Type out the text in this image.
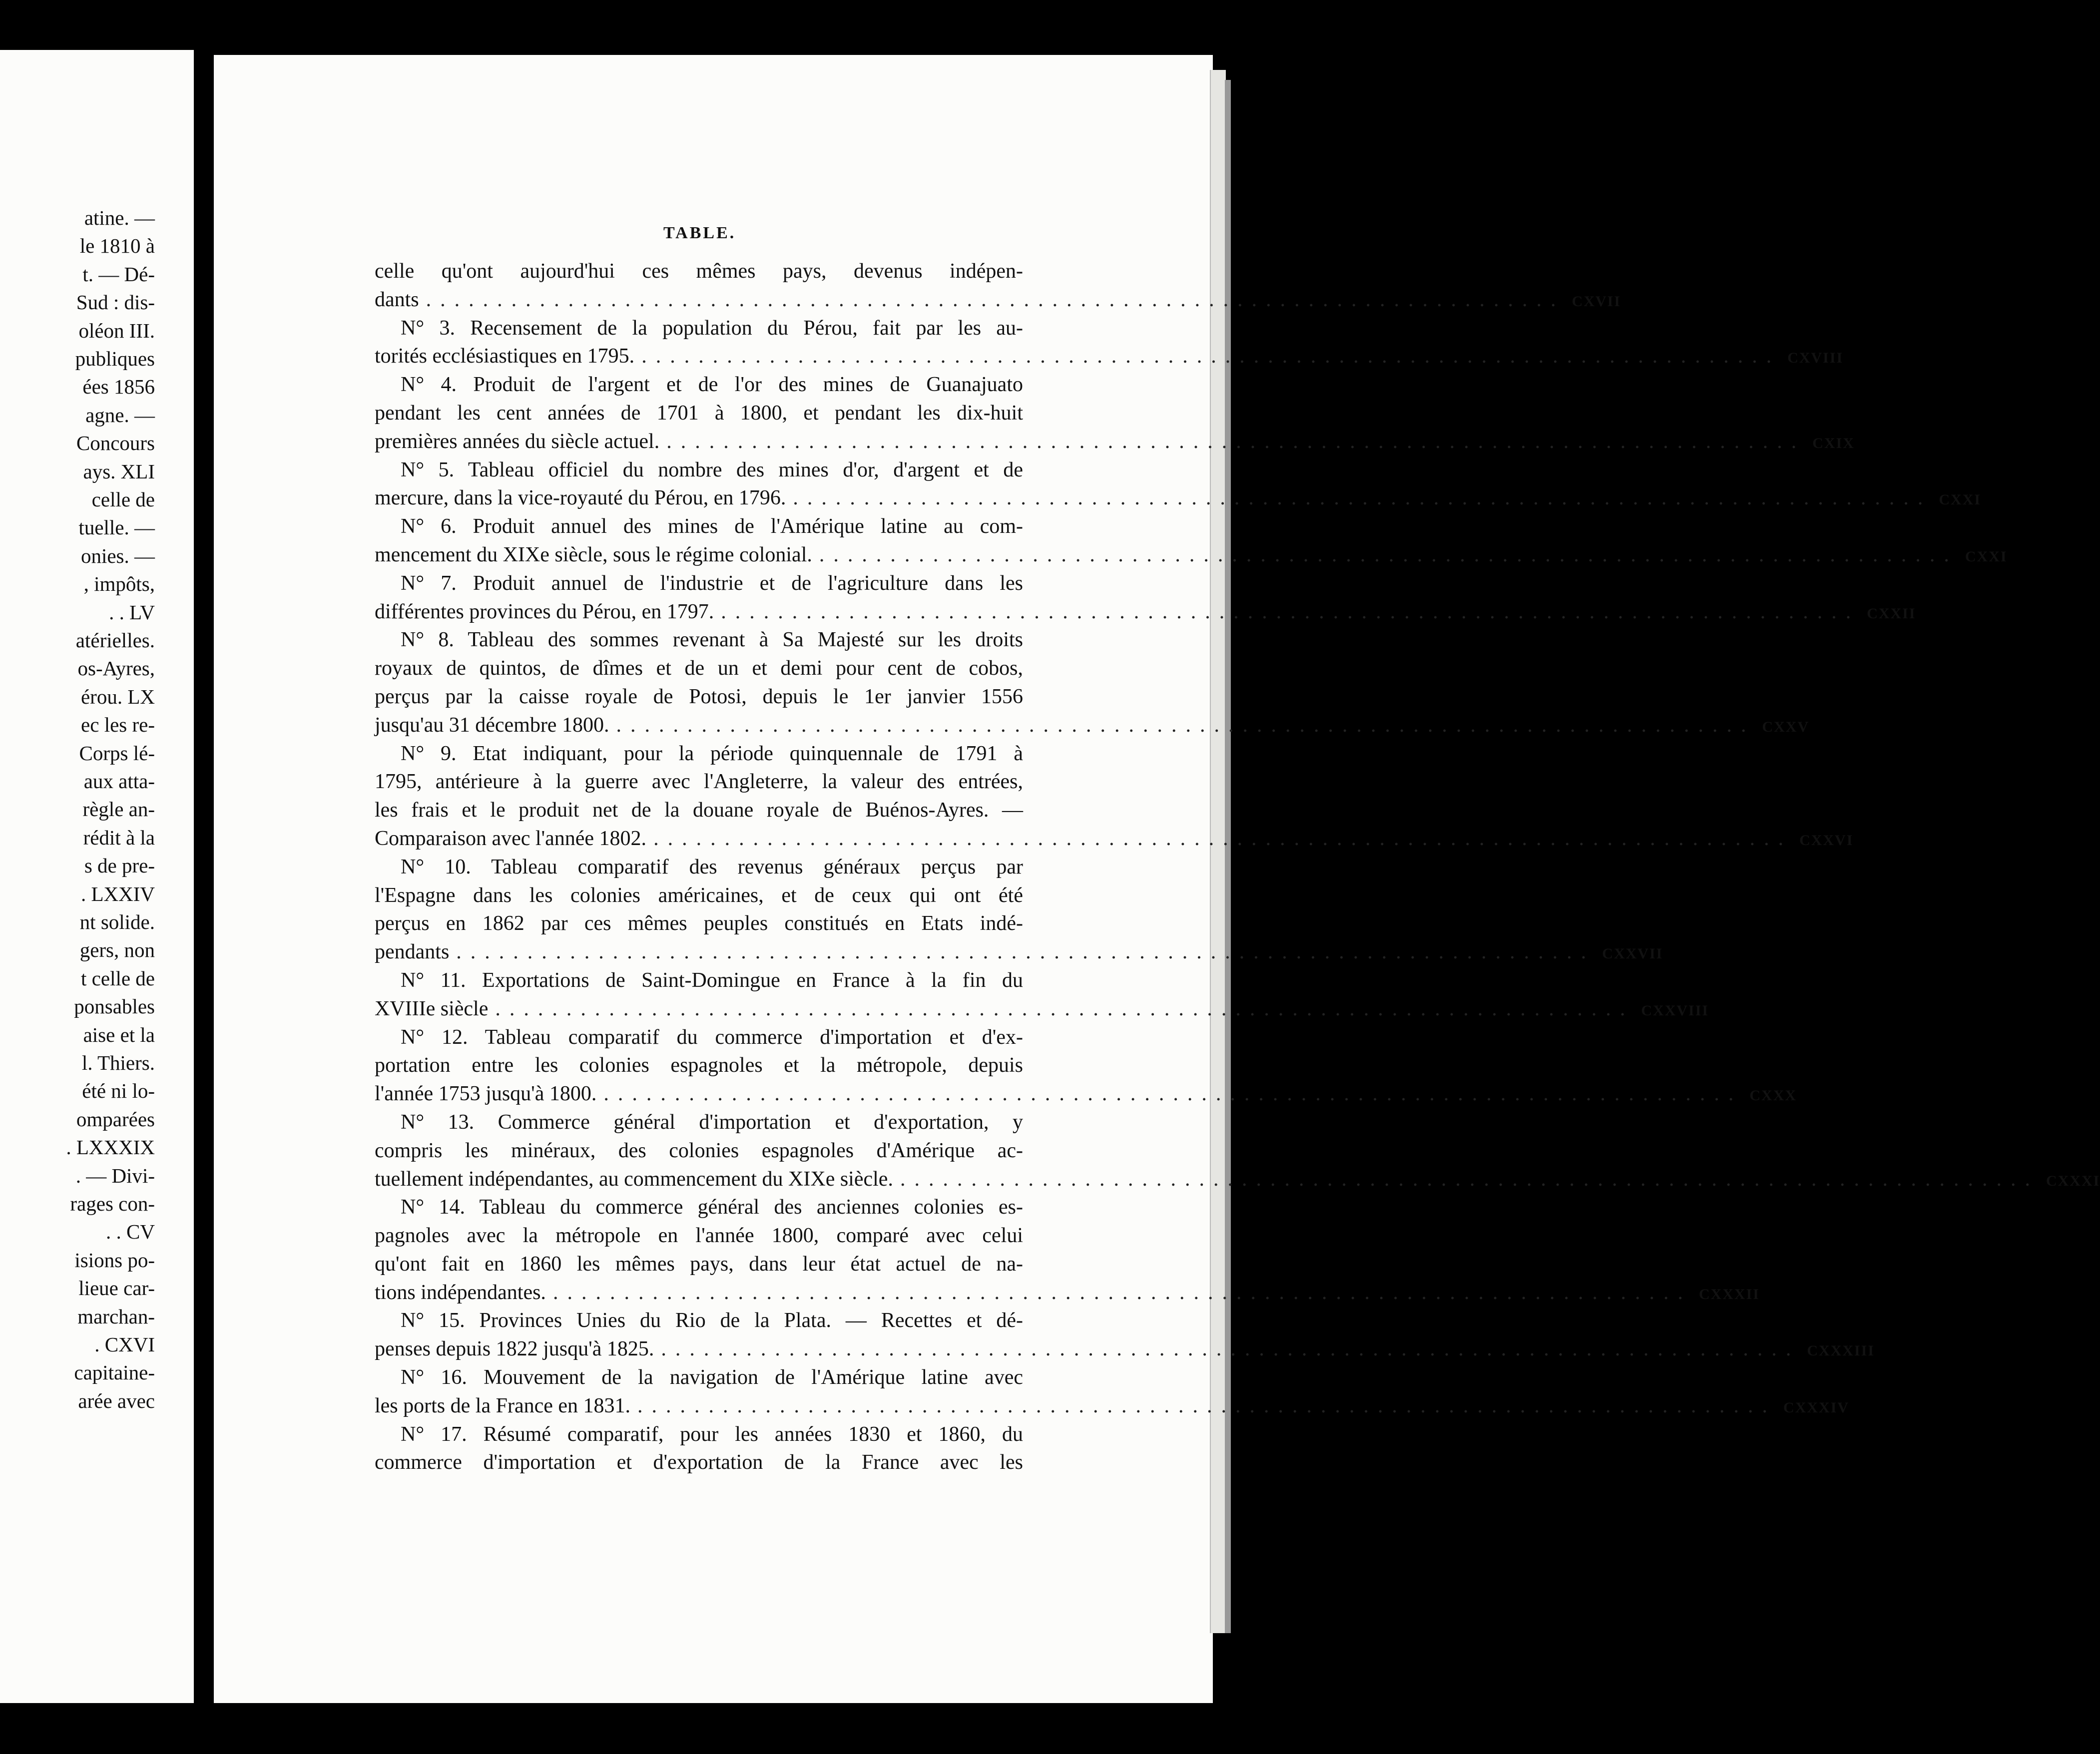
atine. —
le 1810 à
t. — Dé-
Sud : dis-
oléon III.
publiques
ées 1856
agne. —
Concours
ays. XLI
celle de
tuelle. —
onies. —
, impôts,
. . LV
atérielles.
os-Ayres,
érou. LX
ec les re-
Corps lé-
aux atta-
règle an-
rédit à la
s de pre-
. LXXIV
nt solide.
gers, non
t celle de
ponsables
aise et la
l. Thiers.
été ni lo-
omparées
. LXXXIX
. — Divi-
rages con-
. . CV
isions po-
lieue car-
marchan-
. CXVI
capitaine-
arée avec
TABLE.
celle qu'ont aujourd'hui ces mêmes pays, devenus indépen-
dants ................................................................................ CXVII
N° 3. Recensement de la population du Pérou, fait par les au-
torités ecclésiastiques en 1795. ................................................................................ CXVIII
N° 4. Produit de l'argent et de l'or des mines de Guanajuato
pendant les cent années de 1701 à 1800, et pendant les dix-huit
premières années du siècle actuel. ................................................................................ CXIX
N° 5. Tableau officiel du nombre des mines d'or, d'argent et de
mercure, dans la vice-royauté du Pérou, en 1796. ................................................................................ CXXI
N° 6. Produit annuel des mines de l'Amérique latine au com-
mencement du XIXe siècle, sous le régime colonial. ................................................................................ CXXI
N° 7. Produit annuel de l'industrie et de l'agriculture dans les
différentes provinces du Pérou, en 1797. ................................................................................ CXXII
N° 8. Tableau des sommes revenant à Sa Majesté sur les droits
royaux de quintos, de dîmes et de un et demi pour cent de cobos,
perçus par la caisse royale de Potosi, depuis le 1er janvier 1556
jusqu'au 31 décembre 1800. ................................................................................ CXXV
N° 9. Etat indiquant, pour la période quinquennale de 1791 à
1795, antérieure à la guerre avec l'Angleterre, la valeur des entrées,
les frais et le produit net de la douane royale de Buénos-Ayres. —
Comparaison avec l'année 1802. ................................................................................ CXXVI
N° 10. Tableau comparatif des revenus généraux perçus par
l'Espagne dans les colonies américaines, et de ceux qui ont été
perçus en 1862 par ces mêmes peuples constitués en Etats indé-
pendants ................................................................................ CXXVII
N° 11. Exportations de Saint-Domingue en France à la fin du
XVIIIe siècle ................................................................................ CXXVIII
N° 12. Tableau comparatif du commerce d'importation et d'ex-
portation entre les colonies espagnoles et la métropole, depuis
l'année 1753 jusqu'à 1800. ................................................................................ CXXX
N° 13. Commerce général d'importation et d'exportation, y
compris les minéraux, des colonies espagnoles d'Amérique ac-
tuellement indépendantes, au commencement du XIXe siècle. ................................................................................ CXXXI
N° 14. Tableau du commerce général des anciennes colonies es-
pagnoles avec la métropole en l'année 1800, comparé avec celui
qu'ont fait en 1860 les mêmes pays, dans leur état actuel de na-
tions indépendantes. ................................................................................ CXXXII
N° 15. Provinces Unies du Rio de la Plata. — Recettes et dé-
penses depuis 1822 jusqu'à 1825. ................................................................................ CXXXIII
N° 16. Mouvement de la navigation de l'Amérique latine avec
les ports de la France en 1831. ................................................................................ CXXXIV
N° 17. Résumé comparatif, pour les années 1830 et 1860, du
commerce d'importation et d'exportation de la France avec les
